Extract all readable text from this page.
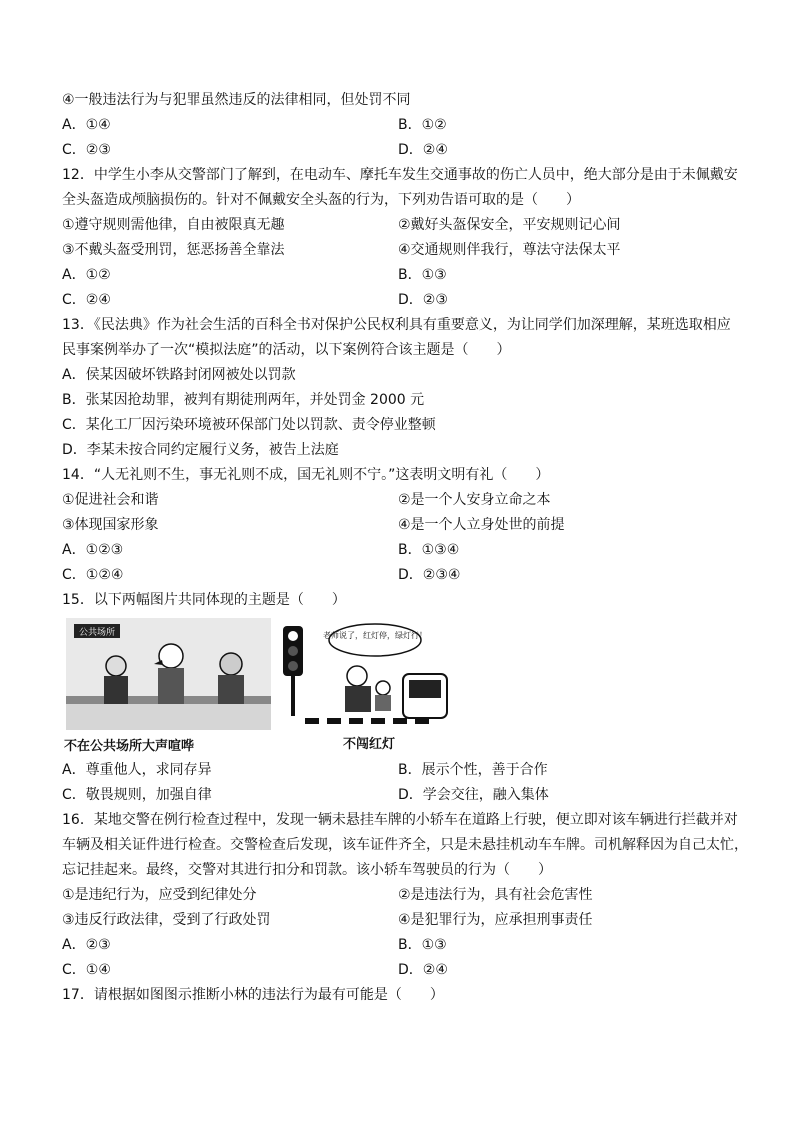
④一般违法行为与犯罪虽然违反的法律相同，但处罚不同
A．①④	B．①②
C．②③	D．②④
12．中学生小李从交警部门了解到，在电动车、摩托车发生交通事故的伤亡人员中，绝大部分是由于未佩戴安
全头盔造成颅脑损伤的。针对不佩戴安全头盔的行为，下列劝告语可取的是（　　）
①遵守规则需他律，自由被限真无趣	②戴好头盔保安全，平安规则记心间
③不戴头盔受刑罚，惩恶扬善全靠法	④交通规则伴我行，尊法守法保太平
A．①②	B．①③
C．②④	D．②③
13．《民法典》作为社会生活的百科全书对保护公民权利具有重要意义，为让同学们加深理解，某班选取相应
民事案例举办了一次“模拟法庭”的活动，以下案例符合该主题是（　　）
A．侯某因破坏铁路封闭网被处以罚款
B．张某因抢劫罪，被判有期徒刑两年，并处罚金 2000 元
C．某化工厂因污染环境被环保部门处以罚款、责令停业整顿
D．李某未按合同约定履行义务，被告上法庭
14．“人无礼则不生，事无礼则不成，国无礼则不宁。”这表明文明有礼（　　）
①促进社会和谐	②是一个人安身立命之本
③体现国家形象	④是一个人立身处世的前提
A．①②③	B．①③④
C．①②④	D．②③④
15．以下两幅图片共同体现的主题是（　　）
公共场所	老师说了，红灯停，绿灯行！
不在公共场所大声喧哗	不闯红灯
A．尊重他人，求同存异	B．展示个性，善于合作
C．敬畏规则，加强自律	D．学会交往，融入集体
16．某地交警在例行检查过程中，发现一辆未悬挂车牌的小轿车在道路上行驶，便立即对该车辆进行拦截并对
车辆及相关证件进行检查。交警检查后发现，该车证件齐全，只是未悬挂机动车车牌。司机解释因为自己太忙，
忘记挂起来。最终，交警对其进行扣分和罚款。该小轿车驾驶员的行为（　　）
①是违纪行为，应受到纪律处分	②是违法行为，具有社会危害性
③违反行政法律，受到了行政处罚	④是犯罪行为，应承担刑事责任
A．②③	B．①③
C．①④	D．②④
17．请根据如图图示推断小林的违法行为最有可能是（　　）
